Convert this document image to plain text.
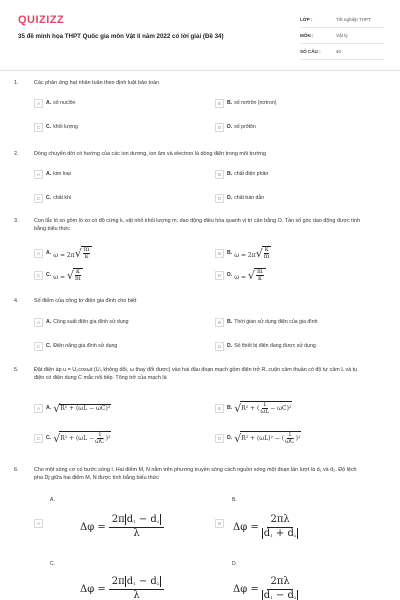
QUIZIZZ
35 đề minh họa THPT Quốc gia môn Vật lí năm 2022 có lời giải (Đề 34)
LỚP :	Tốt nghiệp THPT
MÔN :	Vật lý
SỐ CÂU :	40
1.	Các phản ứng hạt nhân tuân theo định luật bảo toàn
A	A. số nuclôn	B	B. số nơtrôn (nơtron)
C	C. khối lượng	D	D. số prôtôn
2.	Dòng chuyển dời có hướng của các ion dương, ion âm và electron là dòng điện trong môi trường
A	A. kim loại	B	B. chất điện phân
C	C. chất khí	D	D. chất bán dẫn
3.	Con lắc lò xo gồm lò xo có độ cứng k, vật nhỏ khối lượng m, dao động điều hòa quanh vị trí cân bằng O. Tần số góc dao động được tính bằng biểu thức
A	A. ω = 2π √ $\frac{m}{k}$	B	B. ω = 2π √ $\frac{k}{m}$
C	C. ω = √ $\frac{k}{m}$	D	D. ω = √ $\frac{m}{k}$
4.	Số điếm của công tơ điện gia đình cho biết
A	A. Công suất điện gia đình sử dụng	B	B. Thời gian sử dụng điện của gia đình
C	C. Điện năng gia đình sử dụng	D	D. Số thiết bị điện đang được sử dụng
5.	Đặt điện áp u = U₀cosωt (U₀ không đổi, ω thay đổi được) vào hai đầu đoạn mạch gồm điện trở R, cuộn cảm thuần có độ tự cảm L và tụ điện có điện dung C mắc nối tiếp. Tổng trở của mạch là
A	A. √ R² + (ωL − ωC)²	B	B. √ R² + ( $\frac{1}{\omega L} - \omega C)^2$
C	C. √ $R^2 + (\omega L - \frac{1}{\omega C} )^2$	D	D. √ R² + (ωL)² − ( $\frac{1}{\omega C} )^2$
6.	Cho một sóng cơ có bước sóng l. Hai điểm M, N nằm trên phương truyền sóng cách nguồn sóng một đoạn lần lượt là d₁ và d₂. Độ lệch pha Dj giữa hai điểm M, N được tính bằng biểu thức
A.	B.
A	$\Delta\varphi = \frac{2\pi d_1 - d_2}{\lambda}$	B $\Delta\varphi = \frac{2\pi\lambda}{d_1 + d_2}$
C.	D.
$\Delta\varphi = \frac{2\pi d_1 - d_2}{\lambda}$	$\Delta\varphi = \frac{2\pi\lambda}{d_1 - d_2}$
